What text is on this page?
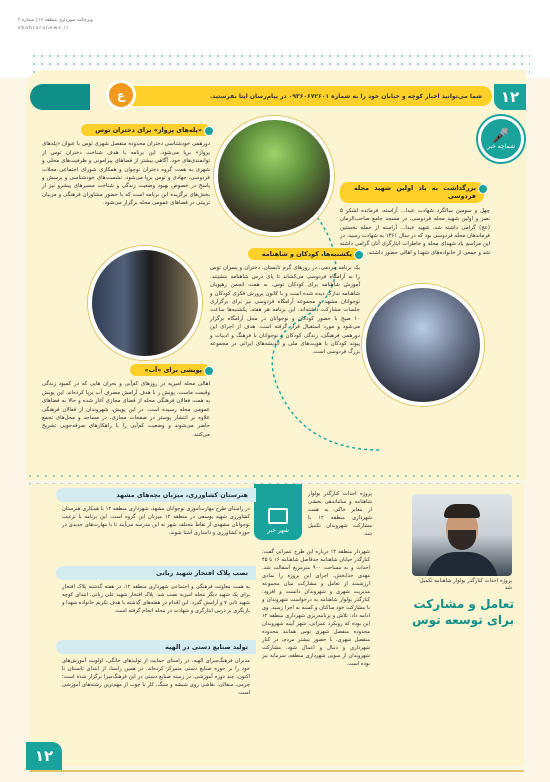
ویژه‌نامه شهرداری منطقه ۱۲ | شماره ۳
shahraranews.ir
شما می‌توانید اخبار کوچه و خیابان خود را به شماره ۰۹۳۶۰۶۷۲۶۰۱ در پیام‌رسان ایتا بفرستید.
ع	۱۲
🎤
شماچه خبر
«پله‌های پرواز» برای دختران توس
دورهمی خودشناسی دختران محدوده منفصل شهری توس با عنوان «پله‌های پرواز» برپا می‌شود. این برنامه با هدف شناخت دختران توس از توانمندی‌های خود، آگاهی بیشتر از فضاهای پیرامونی و ظرفیت‌های محلی و شهری به همت گروه دختران نوجوان و همکاری شورای اجتماعی محلات فردوسی، جهادی و توس برپا می‌شود. نشست‌های خودشناسی و پرسش و پاسخ در خصوص بهبود وضعیت زندگی و شناخت مسیرهای پیشرو نیز از بخش‌های برگزیده این برنامه است که با حضور مشاوران فرهنگی و مربیان تربیتی در فضاهای عمومی محله برگزار می‌شود.
بزرگداشت به یاد اولین شهید محله فردوسی
چهل و سومین سالگرد شهادت عبدا... آراسته، فرمانده لشکر ۵ نصر و اولین شهید محله فردوسی، در مسجد جامع صاحب‌الزمان (عج) گرامی داشته شد. شهید عبدا... آراسته از جمله نخستین فرماندهان محله فردوسی بود که در سال ۱۳۶۱ به شهادت رسید. در این مراسم یاد شهدای محله و خاطرات ایثارگری آنان گرامی داشته شد و جمعی از خانواده‌های شهدا و اهالی حضور داشتند.
یکشنبه‌ها، کودکان و شاهنامه
یک برنامه مردمی، در روزهای گرم تابستان، دختران و پسران توس را به آرامگاه فردوسی می‌کشاند تا پای درس شاهنامه بنشینند. آموزش شاهنامه برای کودکان توس، به همت انجمن رهپویان شاهنامه تدارک دیده شده است و با کانون پرورش فکری کودکان و نوجوانان مشهد و مجموعه آرامگاه فردوسی نیز برای برگزاری جلسات مشارکت داشته‌اند. این برنامه هر هفته، یکشنبه‌ها ساعت ۱۰ صبح با حضور کودکان و نوجوانان در محل آرامگاه برگزار می‌شود و مورد استقبال قرار گرفته است. هدف از اجرای این دورهمی فرهنگی، زندگی کودکان و نوجوانان با فرهنگ و ادبیات و پیوند کودکان با هویت‌های ملی و اندیشه‌های ایرانی در مجموعه بزرگ فردوسی است.
پویشی برای «آب»
اهالی محله امیریه در روزهای کم‌آبی و بحران هایی که در کمبود زندگی وقیمت ماست، پویش ر با هدف آرامش مصرف آب برپا کرده‌اند. این پویش به همت فعالان فرهنگی محله از فضای مجازی آغاز شده و حالا به فضاهای عمومی محله رسیده است. در این پویش، شهروندان از فعالان فرهنگی علاوه بر انتشار پوستر در صفحات مجازی، در مساجد و محل‌های تجمع حاضر می‌شوند و وضعیت کم‌آبی را با راهکارهای صرفه‌جویی تشریح می‌کنند.
شهر خبر
هنرستان کشاورزی، میزبان بچه‌های مشهد
در راستای طرح مهارت‌آموزی نوجوانان مشهد، شهرداری منطقه ۱۲ با همکاری هنرستان کشاورزی شهید یوسفی در منطقه ۱۲ میزبان این گروه است. این برنامه با ترغیب نوجوانان مشهدی از نقاط مختلف شهر به این مدرسه می‌آیند تا با مهارت‌های جدیدی در حوزه کشاورزی و دامداری آشنا شوند.
نصب پلاک افتخار شهید ربانی
به همت معاونت فرهنگی و اجتماعی شهرداری منطقه ۱۲، در هفته گذشته پلاک افتخار برای یک شهید دیگر محله امیریه نصب شد. پلاک افتخار شهید علی ربانی، ابتدای کوچه شهید ثانی ۷ و آرامش گذرد. این اقدام در هفته‌های گذشته با هدف تکریم خانواده شهدا و بازنگری بر درس ایثارگری و شهادت در محله انجام گرفته است.
تولید صنایع دستی در الهیه
مدیران فرهنگ‌سرای الهیه، در راستای حمایت از تولیدهای خانگی، اولویت آموزش‌های خود را بر حوزه صنایع دستی متمرکز کرده‌اند. در همین راستا، از ابتدای تابستان تا اکنون، چند دوره آموزشی، در زمینه صنایع دستی در این فرهنگ‌سرا برگزار شده است؛ چرمی، سفالی، نقاشی روی شیشه و سنگ، کار با چوب از مهم‌ترین رشته‌های آموزشی است.
پروژه احداث کنارگذر بولوار شاهنامه و ساماندهی بخشی از معابر خاکی به همت شهرداری منطقه ۱۲ با مشارکت شهروندان تکمیل شد.
شهردار منطقه ۱۲ درباره این طرح عمرانی گفت: کنارگذر خیابان شاهنامه حدفاصل شاهنامه ۱۶ تا ۴۵ احداث و به مساحت ۹۰۰ مترمربع آسفالت شد. مهدی خدابخش، اجرای این پروژه را نمادی ارزشمند از تعامل و مشارکت میان مجموعه مدیریت شهری و شهروندان دانست و افزود: کنارگذر بولوار شاهنامه به درخواست شهروندان و با مشارکت خود ساکنان و کسبه به اجرا رسید. وی ادامه داد: تلاش و برنامه‌ریزی شهرداری منطقه ۱۲ این بوده که رویکرد عمرانی، شهر آیینه شهروندان محدوده منفصل شهری توس همانند محدوده منفصل شهری، با حضور بیشتر مردم، در کنار شهرداری و دنبال و اعمال شود. مشارکت شهروندان از سویی شهرداری منطقه، سرمایه نیز بوده است.
پروژه احداث کنارگذر بولوار شاهنامه تکمیل شد
تعامل و مشارکت برای توسعه توس
۱۲
